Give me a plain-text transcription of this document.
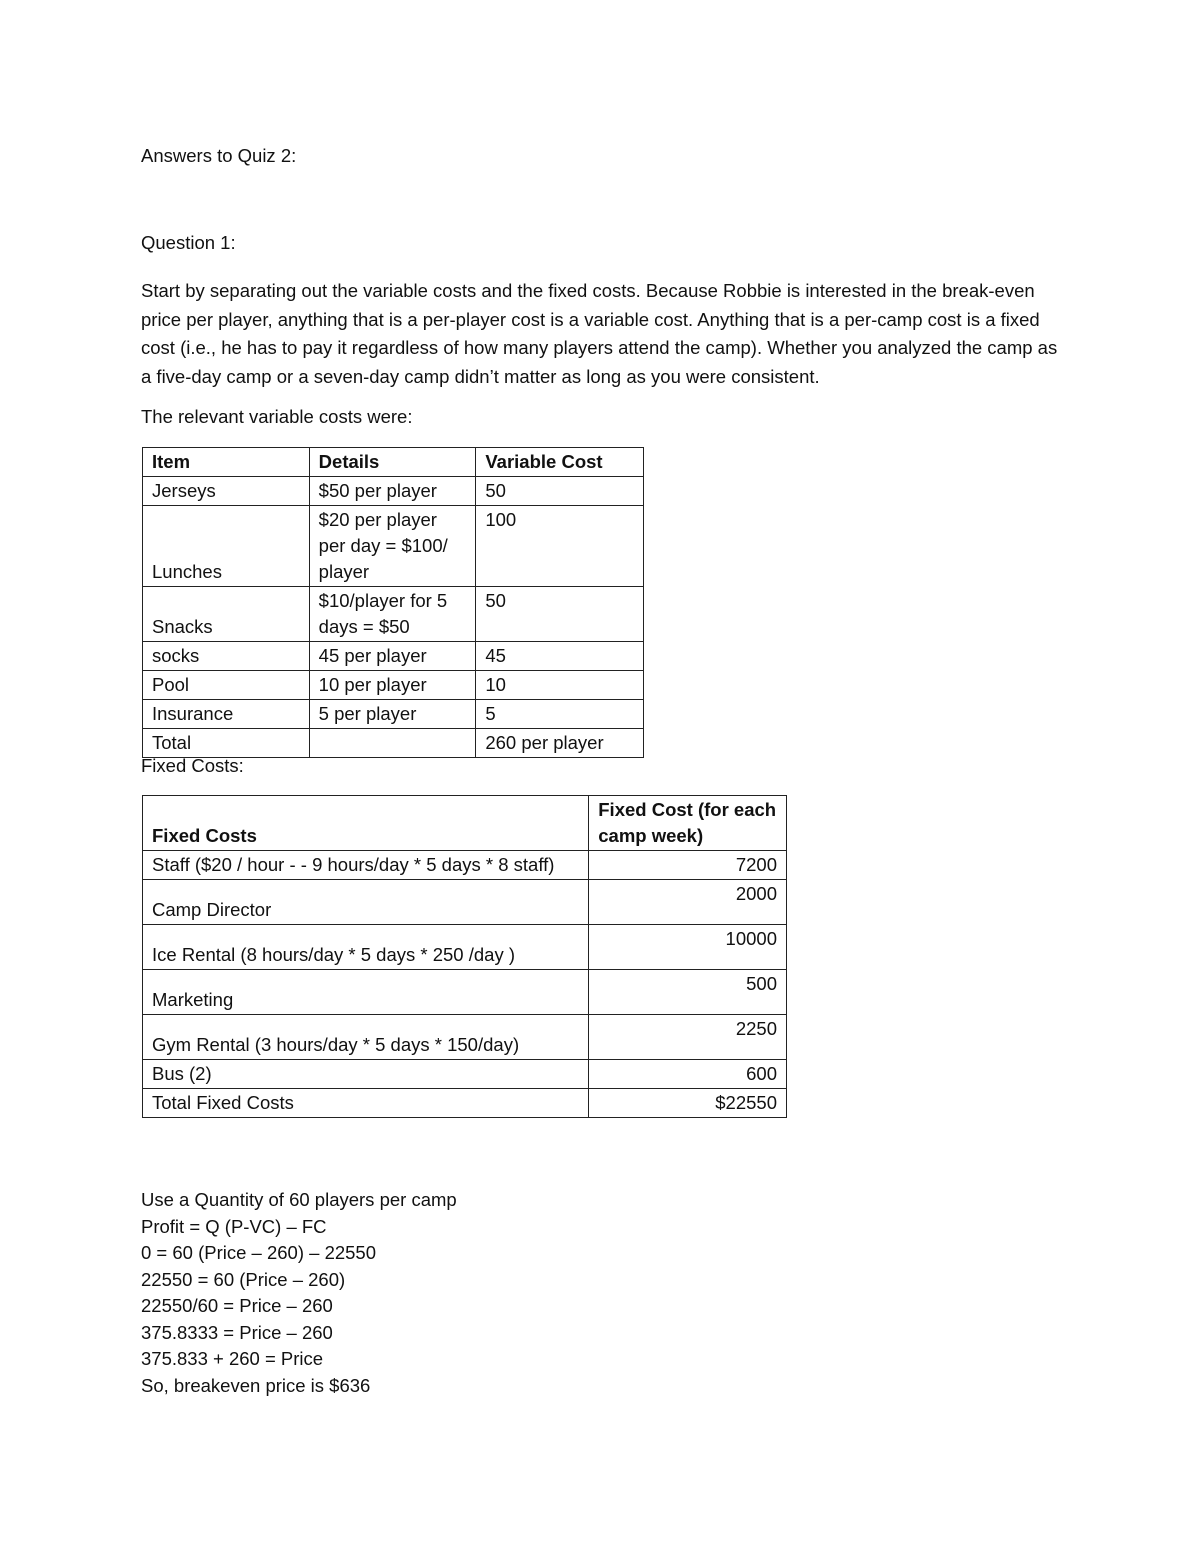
Answers to Quiz 2:

Question 1:

Start by separating out the variable costs and the fixed costs. Because Robbie is interested in the break-even price per player, anything that is a per-player cost is a variable cost. Anything that is a per-camp cost is a fixed cost (i.e., he has to pay it regardless of how many players attend the camp). Whether you analyzed the camp as a five-day camp or a seven-day camp didn’t matter as long as you were consistent.

The relevant variable costs were:

Item	Details	Variable Cost
Jerseys	$50 per player	50
Lunches	$20 per player per day = $100/ player	100
Snacks	$10/player for 5 days = $50	50
socks	45 per player	45
Pool	10 per player	10
Insurance	5 per player	5
Total		260 per player

Fixed Costs:

Fixed Costs	Fixed Cost (for each camp week)
Staff ($20 / hour - - 9 hours/day * 5 days * 8 staff)	7200
Camp Director	2000
Ice Rental (8 hours/day * 5 days * 250 /day )	10000
Marketing	500
Gym Rental (3 hours/day * 5 days * 150/day)	2250
Bus (2)	600
Total Fixed Costs	$22550
Use a Quantity of 60 players per camp
Profit = Q (P-VC) – FC
0 = 60 (Price – 260) – 22550
22550 = 60 (Price – 260)
22550/60 = Price – 260
375.8333 = Price – 260
375.833 + 260 = Price
So, breakeven price is $636
